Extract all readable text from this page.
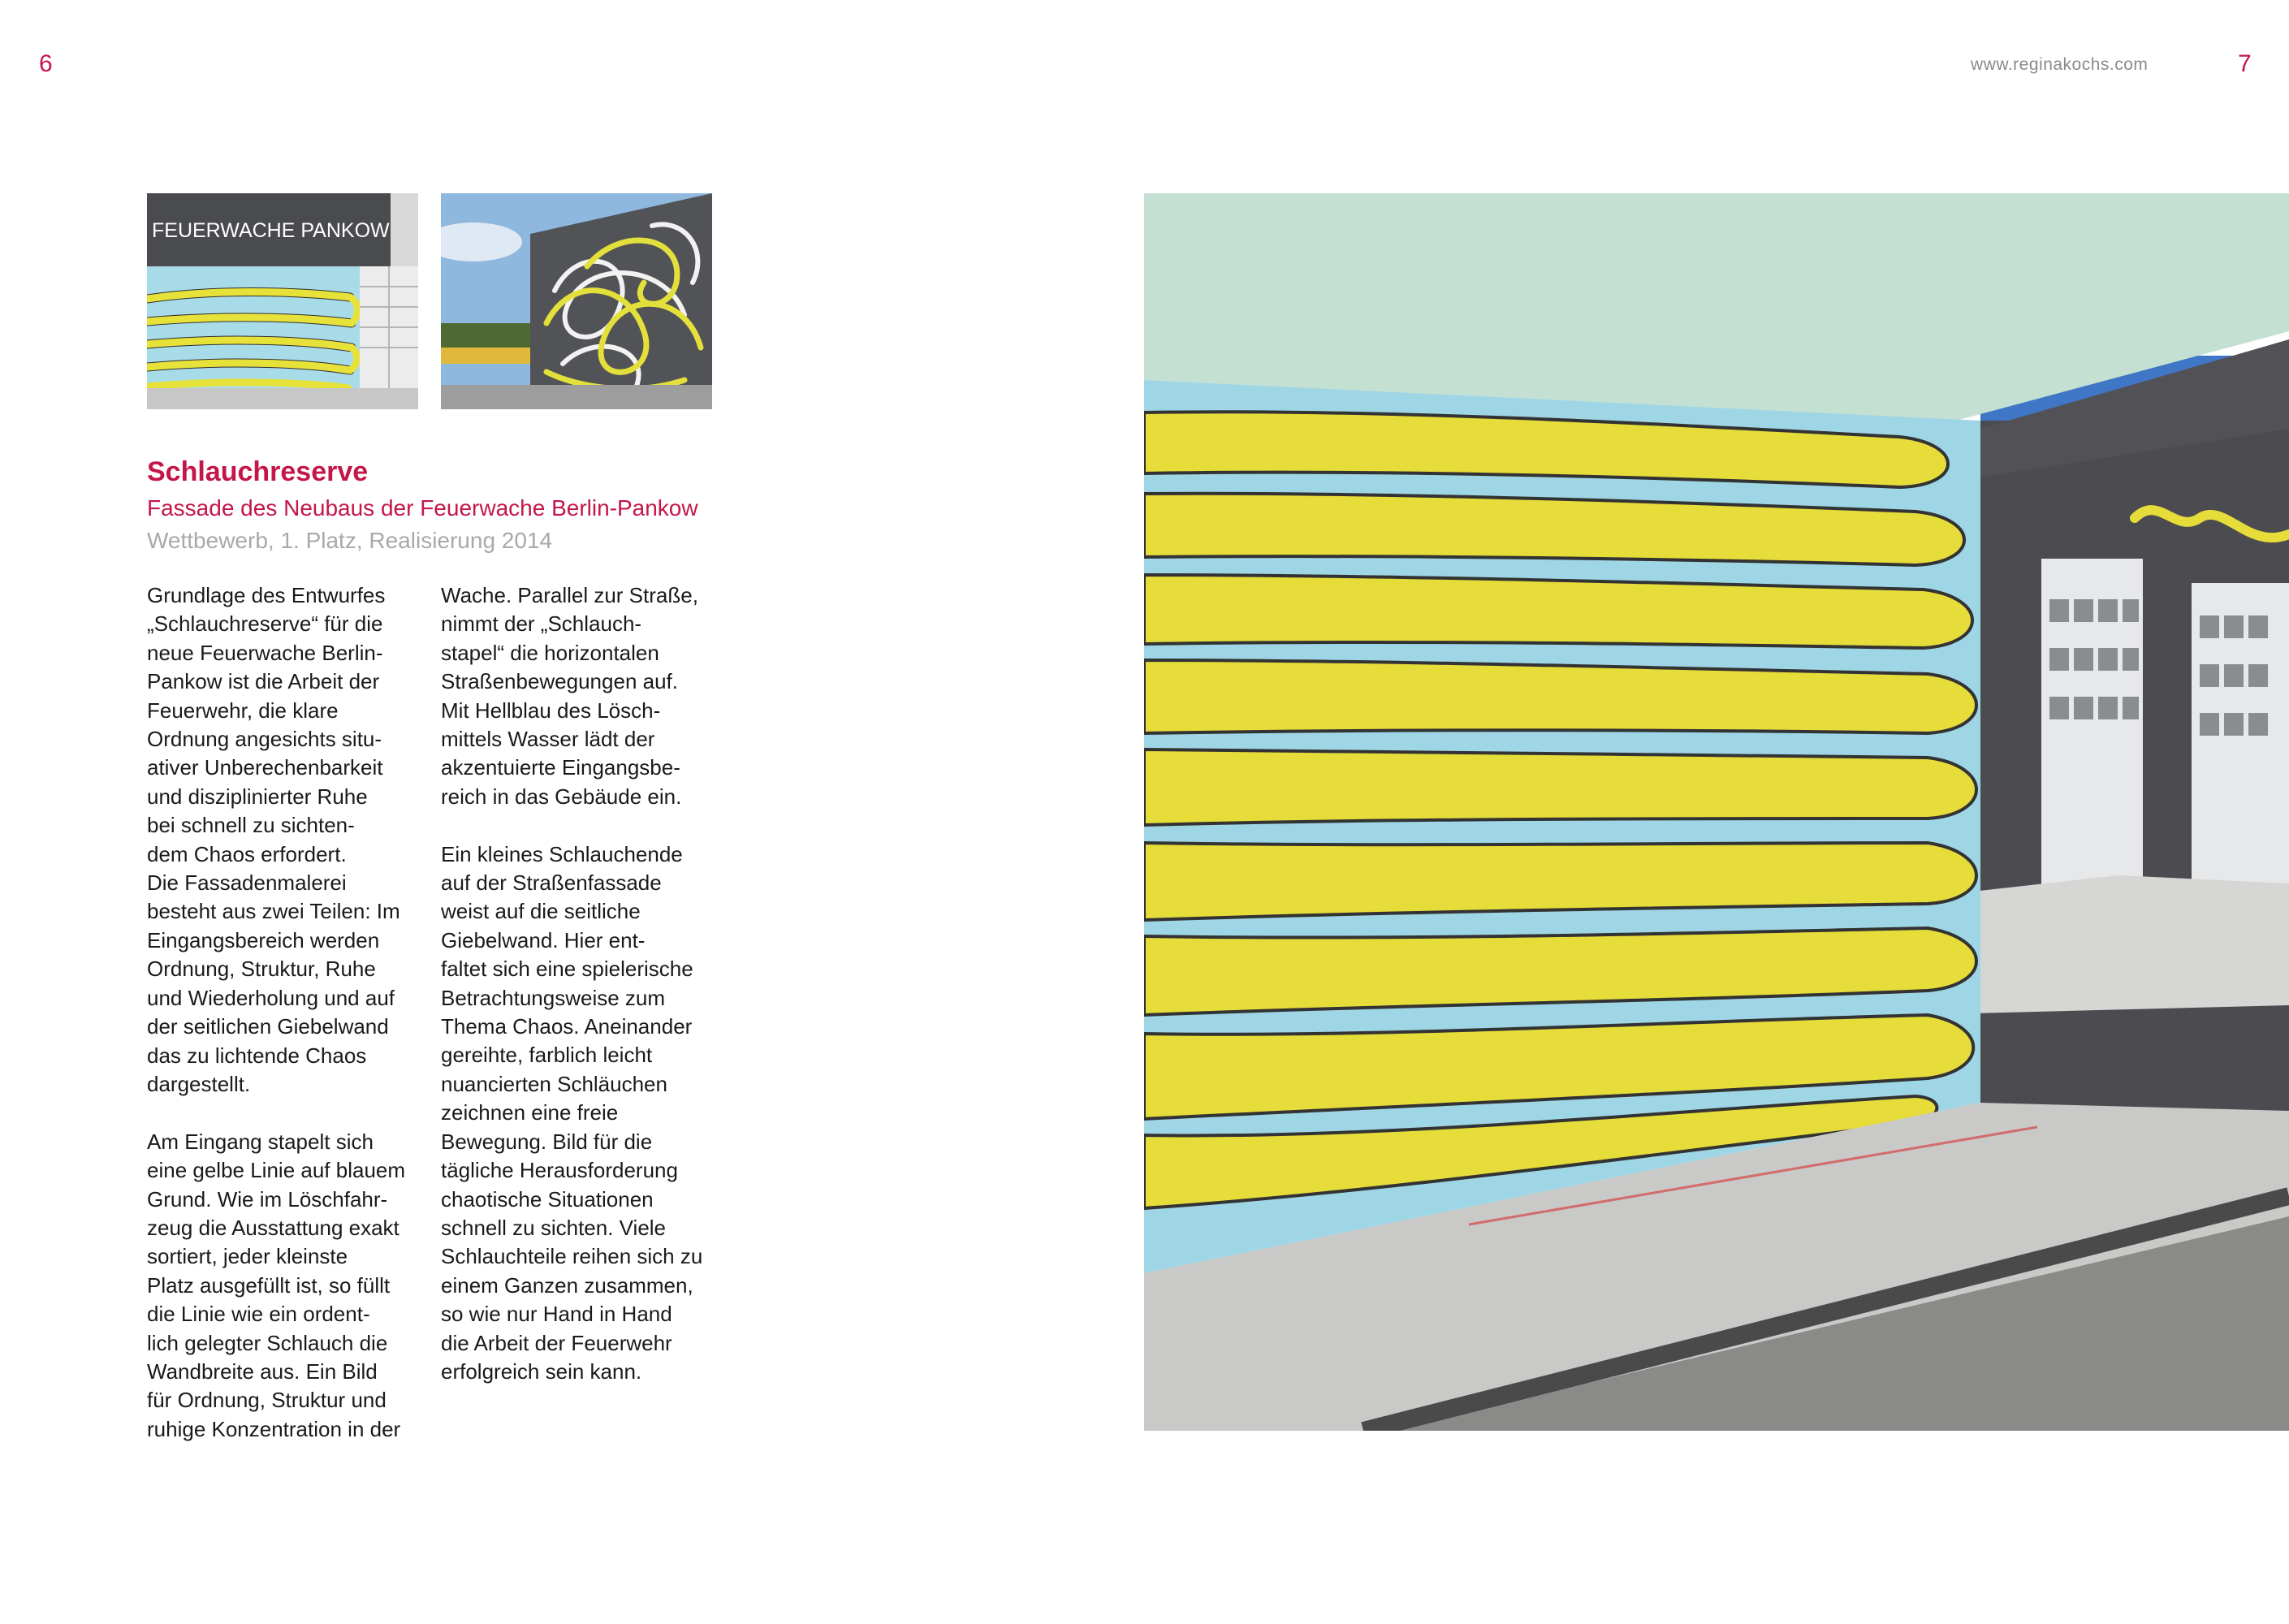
6	www.reginakochs.com	7
FEUERWACHE PANKOW
Schlauchreserve
Fassade des Neubaus der Feuerwache Berlin-Pankow
Wettbewerb, 1. Platz, Realisierung 2014
Grundlage des Entwurfes
„Schlauchreserve“ für die
neue Feuerwache Berlin-
Pankow ist die Arbeit der
Feuerwehr, die klare
Ordnung angesichts situ-
ativer Unberechenbarkeit
und disziplinierter Ruhe
bei schnell zu sichten-
dem Chaos erfordert.
Die Fassadenmalerei
besteht aus zwei Teilen: Im
Eingangsbereich werden
Ordnung, Struktur, Ruhe
und Wiederholung und auf
der seitlichen Giebelwand
das zu lichtende Chaos
dargestellt.
Am Eingang stapelt sich
eine gelbe Linie auf blauem
Grund. Wie im Löschfahr-
zeug die Ausstattung exakt
sortiert, jeder kleinste
Platz ausgefüllt ist, so füllt
die Linie wie ein ordent-
lich gelegter Schlauch die
Wandbreite aus. Ein Bild
für Ordnung, Struktur und
ruhige Konzentration in der
Wache. Parallel zur Straße,
nimmt der „Schlauch-
stapel“ die horizontalen
Straßenbewegungen auf.
Mit Hellblau des Lösch-
mittels Wasser lädt der
akzentuierte Eingangsbe-
reich in das Gebäude ein.
Ein kleines Schlauchende
auf der Straßenfassade
weist auf die seitliche
Giebelwand. Hier ent-
faltet sich eine spielerische
Betrachtungsweise zum
Thema Chaos. Aneinander
gereihte, farblich leicht
nuancierten Schläuchen
zeichnen eine freie
Bewegung. Bild für die
tägliche Herausforderung
chaotische Situationen
schnell zu sichten. Viele
Schlauchteile reihen sich zu
einem Ganzen zusammen,
so wie nur Hand in Hand
die Arbeit der Feuerwehr
erfolgreich sein kann.
